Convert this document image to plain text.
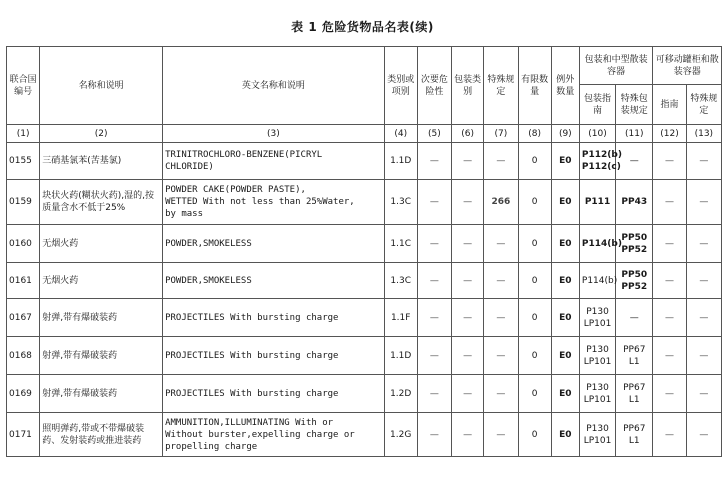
表 1 危险货物品名表(续)
联合国编号	名称和说明	英文名称和说明	类别或项别	次要危险性	包装类别	特殊规定	有限数量	例外数量	包装和中型散装容器		可移动罐柜和散装容器	
									包装指南	特殊包装规定	指南	特殊规定
(1)	(2)	(3)	(4)	(5)	(6)	(7)	(8)	(9)	(10)	(11)	(12)	(13)
0155	三硝基氯苯(苦基氯)	TRINITROCHLORO-BENZENE(PICRYL
CHLORIDE)	1.1D	—	—	—	0	E0	P112(b)
P112(c)	—	—	—
0159	块状火药(糊状火药),湿的,按质量含水不低于25%	POWDER CAKE(POWDER PASTE),
WETTED With not less than 25%Water,
by mass	1.3C	—	—	266	0	E0	P111	PP43	—	—
0160	无烟火药	POWDER,SMOKELESS	1.1C	—	—	—	0	E0	P114(b)	PP50
PP52	—	—
0161	无烟火药	POWDER,SMOKELESS	1.3C	—	—	—	0	E0	P114(b)	PP50
PP52	—	—
0167	射弹,带有爆破装药	PROJECTILES With bursting charge	1.1F	—	—	—	0	E0	P130
LP101	—	—	—
0168	射弹,带有爆破装药	PROJECTILES With bursting charge	1.1D	—	—	—	0	E0	P130
LP101	PP67
L1	—	—
0169	射弹,带有爆破装药	PROJECTILES With bursting charge	1.2D	—	—	—	0	E0	P130
LP101	PP67
L1	—	—
0171	照明弹药,带或不带爆破装药、发射装药或推进装药	AMMUNITION,ILLUMINATING With or
Without burster,expelling charge or
propelling charge	1.2G	—	—	—	0	E0	P130
LP101	PP67
L1	—	—
